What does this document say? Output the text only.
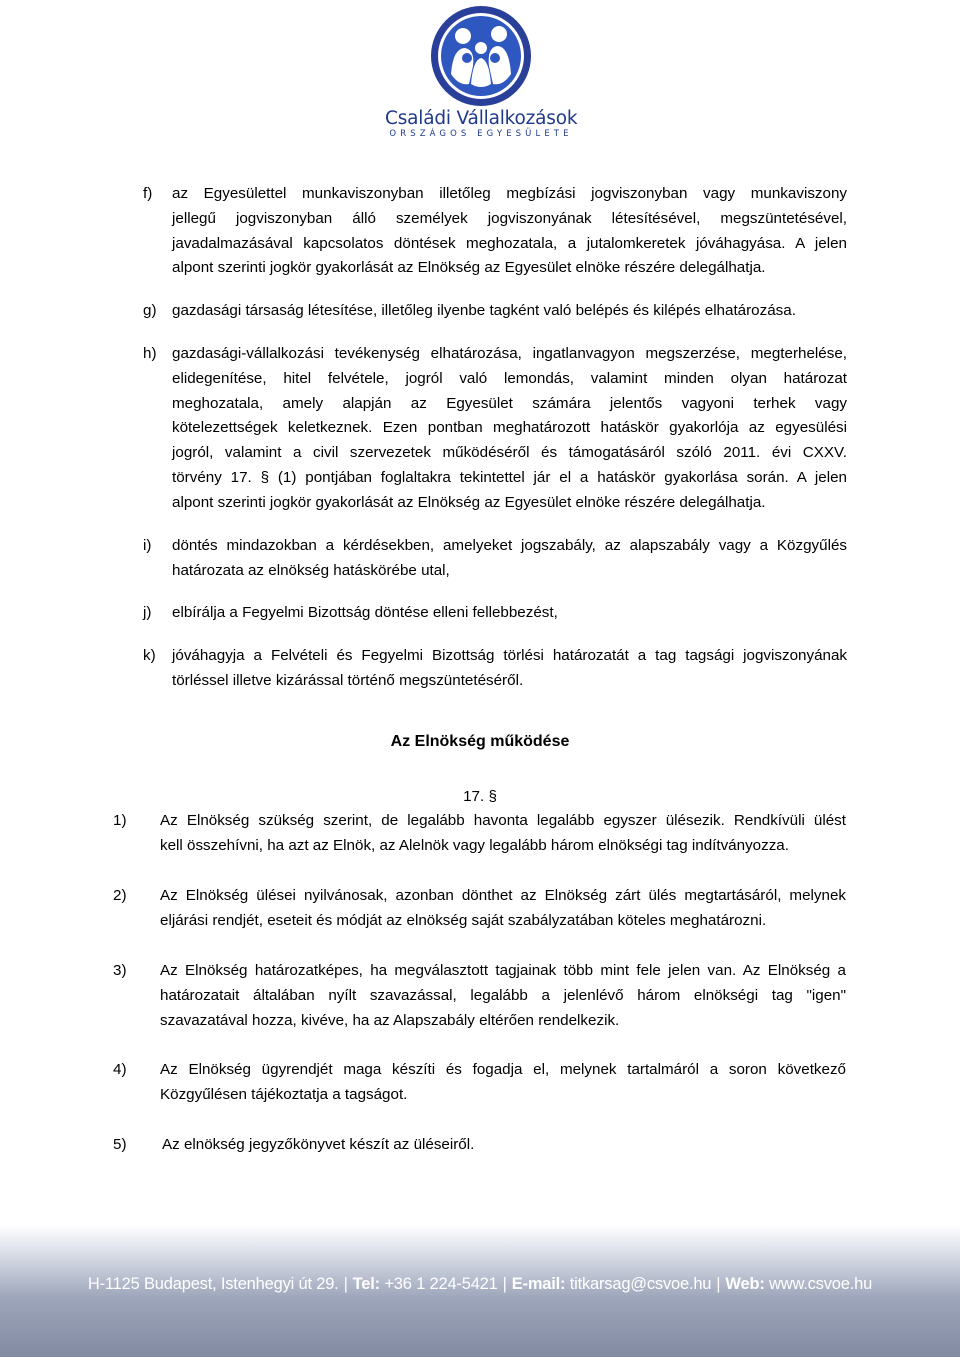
Családi Vállalkozások
ORSZÁGOS EGYESÜLETE
f) az Egyesülettel munkaviszonyban illetőleg megbízási jogviszonyban vagy munkaviszony
jellegű jogviszonyban álló személyek jogviszonyának létesítésével, megszüntetésével,
javadalmazásával kapcsolatos döntések meghozatala, a jutalomkeretek jóváhagyása. A jelen
alpont szerinti jogkör gyakorlását az Elnökség az Egyesület elnöke részére delegálhatja.
g) gazdasági társaság létesítése, illetőleg ilyenbe tagként való belépés és kilépés elhatározása.
h) gazdasági-vállalkozási tevékenység elhatározása, ingatlanvagyon megszerzése, megterhelése,
elidegenítése, hitel felvétele, jogról való lemondás, valamint minden olyan határozat
meghozatala, amely alapján az Egyesület számára jelentős vagyoni terhek vagy
kötelezettségek keletkeznek. Ezen pontban meghatározott hatáskör gyakorlója az egyesülési
jogról, valamint a civil szervezetek működéséről és támogatásáról szóló 2011. évi CXXV.
törvény 17. § (1) pontjában foglaltakra tekintettel jár el a hatáskör gyakorlása során. A jelen
alpont szerinti jogkör gyakorlását az Elnökség az Egyesület elnöke részére delegálhatja.
i) döntés mindazokban a kérdésekben, amelyeket jogszabály, az alapszabály vagy a Közgyűlés
határozata az elnökség hatáskörébe utal,
j) elbírálja a Fegyelmi Bizottság döntése elleni fellebbezést,
k) jóváhagyja a Felvételi és Fegyelmi Bizottság törlési határozatát a tag tagsági jogviszonyának
törléssel illetve kizárással történő megszüntetéséről.
Az Elnökség működése
17. §
1) Az Elnökség szükség szerint, de legalább havonta legalább egyszer ülésezik. Rendkívüli ülést
kell összehívni, ha azt az Elnök, az Alelnök vagy legalább három elnökségi tag indítványozza.
2) Az Elnökség ülései nyilvánosak, azonban dönthet az Elnökség zárt ülés megtartásáról, melynek
eljárási rendjét, eseteit és módját az elnökség saját szabályzatában köteles meghatározni.
3) Az Elnökség határozatképes, ha megválasztott tagjainak több mint fele jelen van. Az Elnökség a
határozatait általában nyílt szavazással, legalább a jelenlévő három elnökségi tag "igen"
szavazatával hozza, kivéve, ha az Alapszabály eltérően rendelkezik.
4) Az Elnökség ügyrendjét maga készíti és fogadja el, melynek tartalmáról a soron következő
Közgyűlésen tájékoztatja a tagságot.
5) Az elnökség jegyzőkönyvet készít az üléseiről.
H-1125 Budapest, Istenhegyi út 29. | Tel: +36 1 224-5421 | E-mail: titkarsag@csvoe.hu | Web: www.csvoe.hu
